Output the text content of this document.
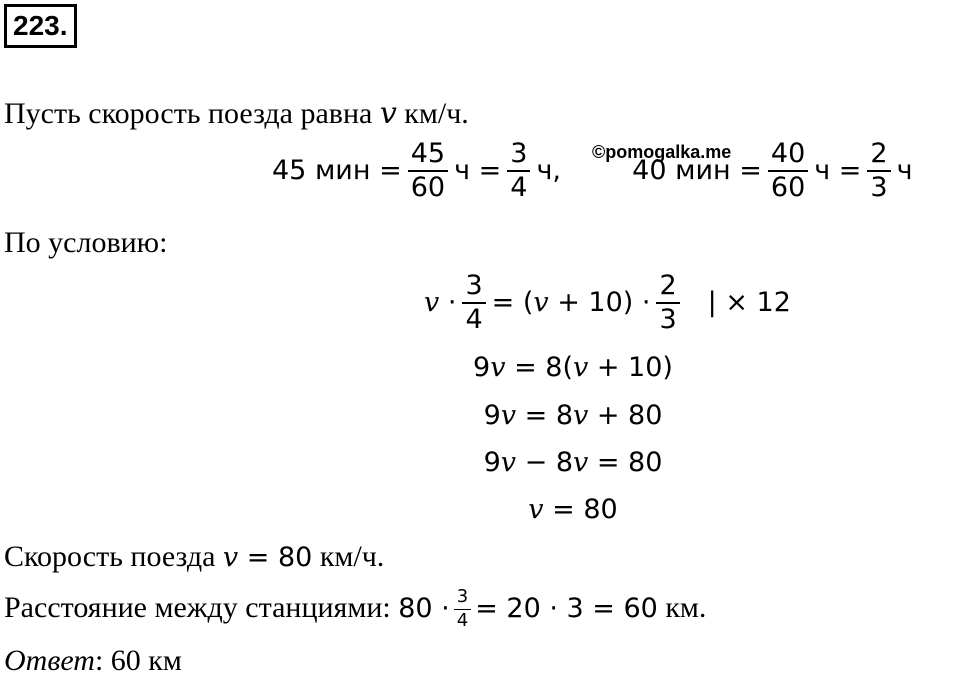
223.
Пусть скорость поезда равна v км/ч.
©pomogalka.me
45 мин = $\frac{45}{60}$ $ч = \frac{3}{4} ч$,	40 мин = $\frac{40}{60}$ $ч = \frac{2}{3}$ ч
По условию:
$v \cdot \frac{3}{4} = (v + 10) \cdot \frac{2}{3}$ | × 12
9v = 8(v + 10)
9v = 8v + 80
9v − 8v = 80
v = 80
Скорость поезда v = 80 км/ч.
Расстояние между станциями: $80 \cdot \frac{3}{4} = 20 \cdot 3 = 60$ км.
Ответ: 60 км
